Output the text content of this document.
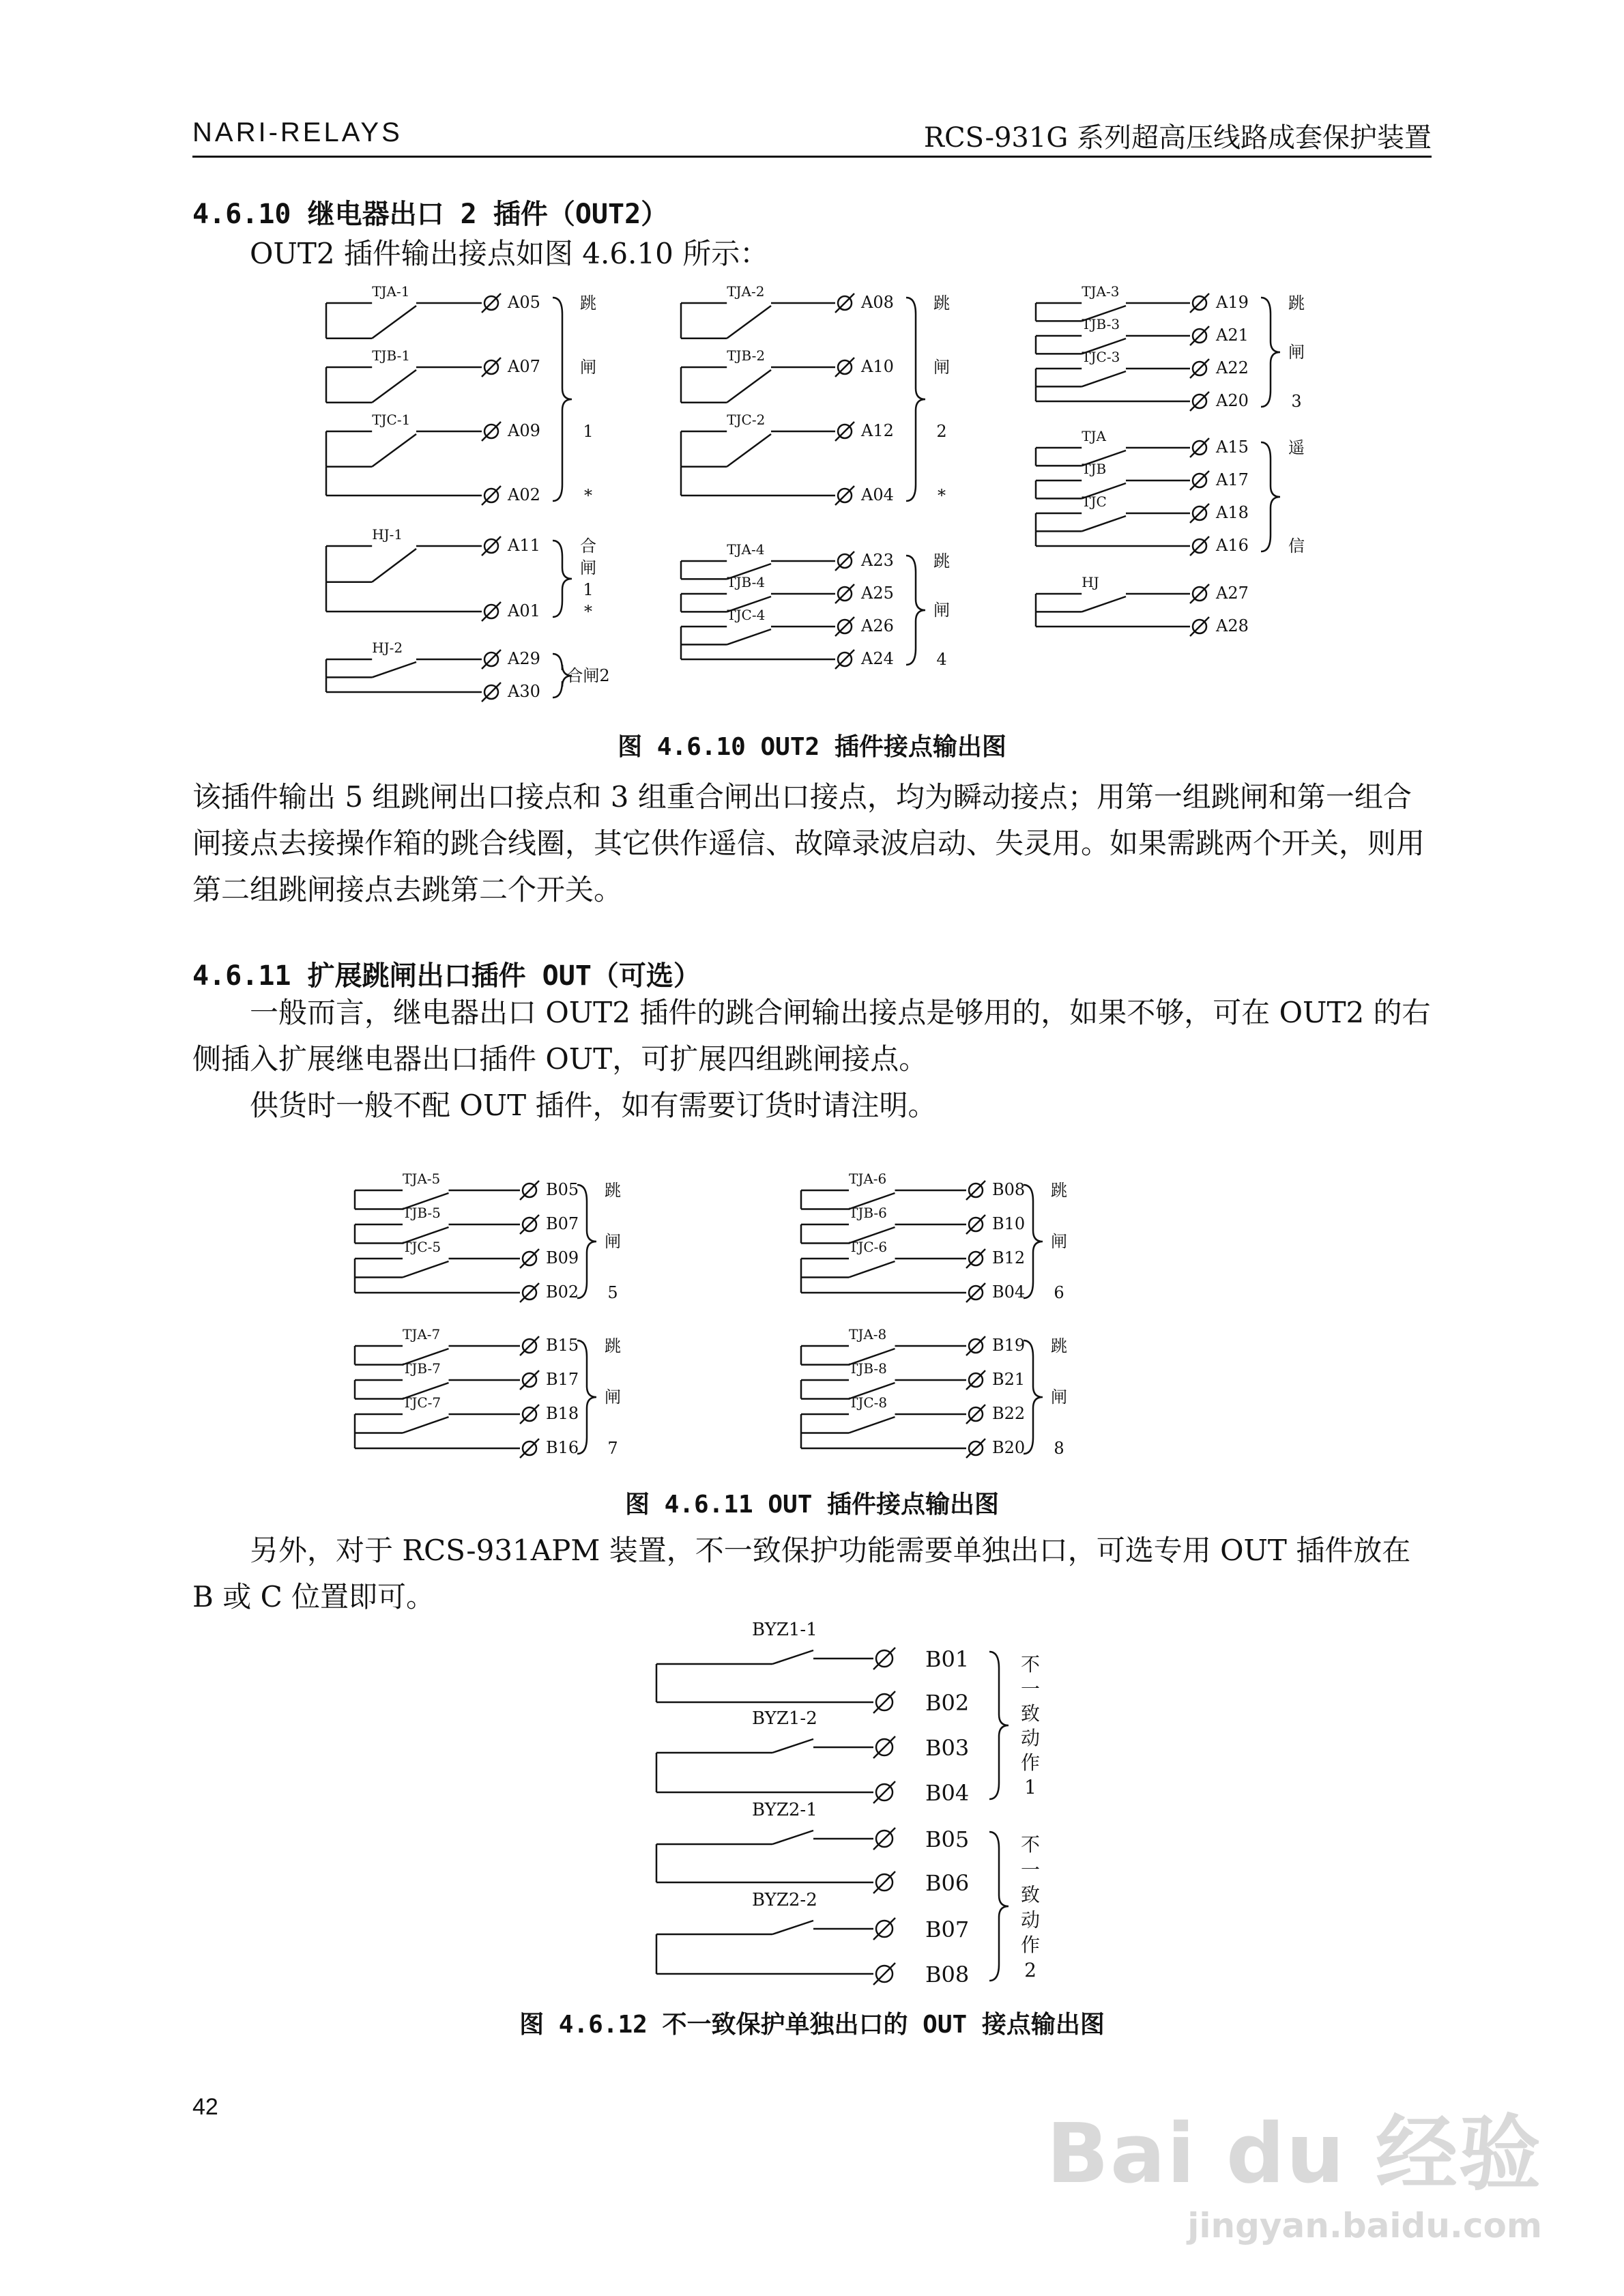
NARI-RELAYS	RCS-931G 系列超高压线路成套保护装置
4.6.10 继电器出口 2 插件（OUT2）
OUT2 插件输出接点如图 4.6.10 所示：
TJA-1
A05
TJB-1
A07
TJC-1
A09
A02
跳
闸
1
*
TJA-2
A08
TJB-2
A10
TJC-2
A12
A04
跳
闸
2
*
TJA-3
A19
TJB-3
A21
TJC-3
A22
A20
跳
闸
3
HJ-1
A11
A01
合
闸
1
*
HJ-2
A29
A30
合闸2
TJA-4
A23
TJB-4
A25
TJC-4
A26
A24
跳
闸
4
TJA
A15
TJB
A17
TJC
A18
A16
遥
信
HJ
A27
A28
TJA-5
B05
TJB-5
B07
TJC-5
B09
B02
跳
闸
5
TJA-6
B08
TJB-6
B10
TJC-6
B12
B04
跳
闸
6
TJA-7
B15
TJB-7
B17
TJC-7
B18
B16
跳
闸
7
TJA-8
B19
TJB-8
B21
TJC-8
B22
B20
跳
闸
8
BYZ1-1
B01
B02
BYZ1-2
B03
B04
BYZ2-1
B05
B06
BYZ2-2
B07
B08
不
一
致
动
作
1
不
一
致
动
作
2
图 4.6.10 OUT2 插件接点输出图
该插件输出 5 组跳闸出口接点和 3 组重合闸出口接点，均为瞬动接点；用第一组跳闸和第一组合闸接点去接操作箱的跳合线圈，其它供作遥信、故障录波启动、失灵用。如果需跳两个开关，则用第二组跳闸接点去跳第二个开关。
4.6.11 扩展跳闸出口插件 OUT（可选）
一般而言，继电器出口 OUT2 插件的跳合闸输出接点是够用的，如果不够，可在 OUT2 的右侧插入扩展继电器出口插件 OUT，可扩展四组跳闸接点。
供货时一般不配 OUT 插件，如有需要订货时请注明。
图 4.6.11 OUT 插件接点输出图
另外，对于 RCS-931APM 装置，不一致保护功能需要单独出口，可选专用 OUT 插件放在 B 或 C 位置即可。
图 4.6.12 不一致保护单独出口的 OUT 接点输出图
42	Bai du 经验
jingyan.baidu.com
